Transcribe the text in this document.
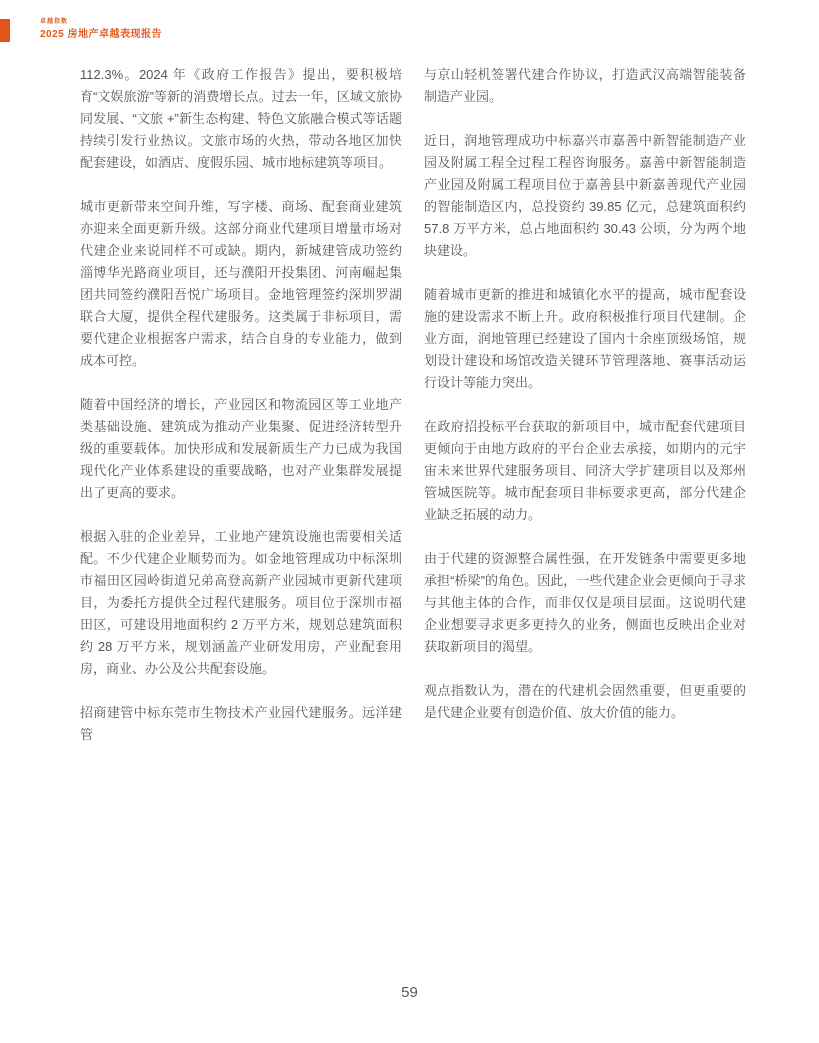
卓越指数
2025 房地产卓越表现报告

112.3%。2024 年《政府工作报告》提出，要积极培育“文娱旅游”等新的消费增长点。过去一年，区域文旅协同发展、“文旅 +”新生态构建、特色文旅融合模式等话题持续引发行业热议。文旅市场的火热，带动各地区加快配套建设，如酒店、度假乐园、城市地标建筑等项目。

城市更新带来空间升维，写字楼、商场、配套商业建筑亦迎来全面更新升级。这部分商业代建项目增量市场对代建企业来说同样不可或缺。期内，新城建管成功签约淄博华光路商业项目，还与濮阳开投集团、河南崛起集团共同签约濮阳吾悦广场项目。金地管理签约深圳罗湖联合大厦，提供全程代建服务。这类属于非标项目，需要代建企业根据客户需求，结合自身的专业能力，做到成本可控。

随着中国经济的增长，产业园区和物流园区等工业地产类基础设施、建筑成为推动产业集聚、促进经济转型升级的重要载体。加快形成和发展新质生产力已成为我国现代化产业体系建设的重要战略，也对产业集群发展提出了更高的要求。

根据入驻的企业差异，工业地产建筑设施也需要相关适配。不少代建企业顺势而为。如金地管理成功中标深圳市福田区园岭街道兄弟高登高新产业园城市更新代建项目，为委托方提供全过程代建服务。项目位于深圳市福田区，可建设用地面积约 2 万平方米，规划总建筑面积约 28 万平方米，规划涵盖产业研发用房，产业配套用房，商业、办公及公共配套设施。

招商建管中标东莞市生物技术产业园代建服务。远洋建管

与京山轻机签署代建合作协议，打造武汉高端智能装备制造产业园。

近日，润地管理成功中标嘉兴市嘉善中新智能制造产业园及附属工程全过程工程咨询服务。嘉善中新智能制造产业园及附属工程项目位于嘉善县中新嘉善现代产业园的智能制造区内，总投资约 39.85 亿元，总建筑面积约 57.8 万平方米，总占地面积约 30.43 公顷，分为两个地块建设。

随着城市更新的推进和城镇化水平的提高，城市配套设施的建设需求不断上升。政府积极推行项目代建制。企业方面，润地管理已经建设了国内十余座顶级场馆，规划设计建设和场馆改造关键环节管理落地、赛事活动运行设计等能力突出。

在政府招投标平台获取的新项目中，城市配套代建项目更倾向于由地方政府的平台企业去承接，如期内的元宇宙未来世界代建服务项目、同济大学扩建项目以及郑州管城医院等。城市配套项目非标要求更高，部分代建企业缺乏拓展的动力。

由于代建的资源整合属性强，在开发链条中需要更多地承担“桥梁”的角色。因此，一些代建企业会更倾向于寻求与其他主体的合作，而非仅仅是项目层面。这说明代建企业想要寻求更多更持久的业务，侧面也反映出企业对获取新项目的渴望。

观点指数认为，潜在的代建机会固然重要，但更重要的是代建企业要有创造价值、放大价值的能力。

59
